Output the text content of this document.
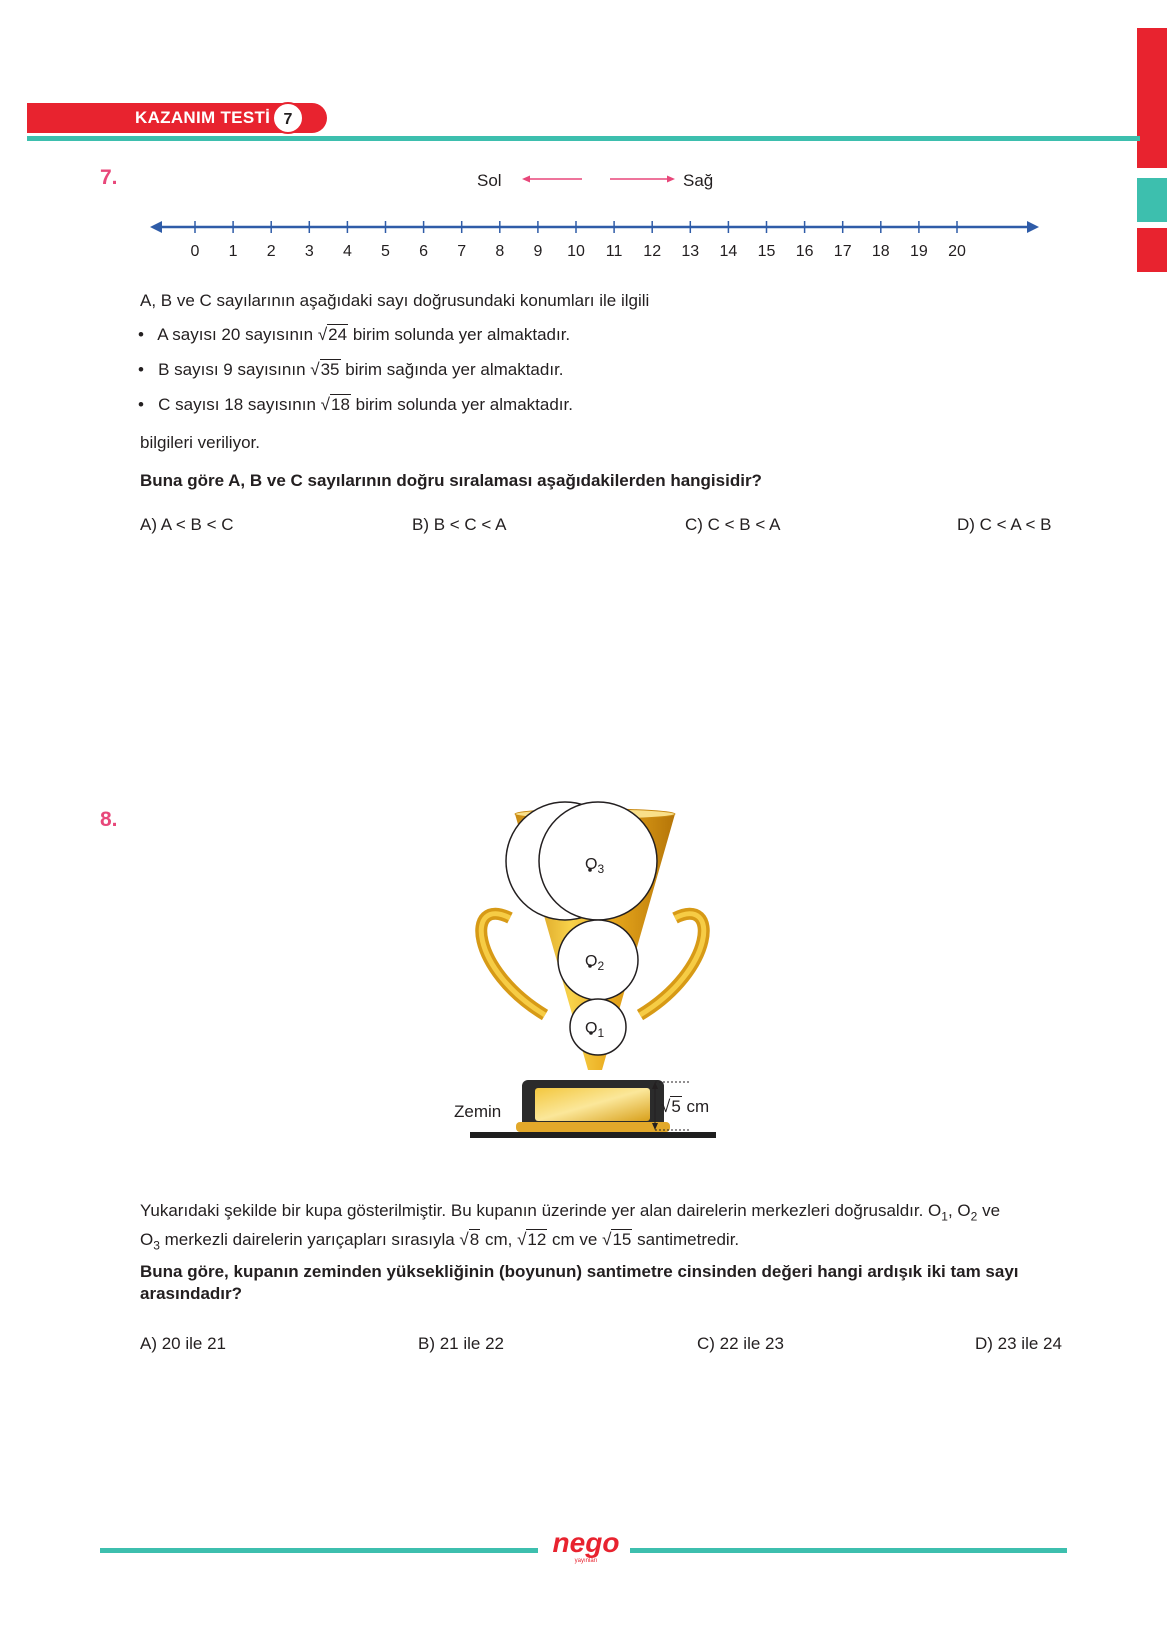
KAZANIM TESTİ 7
7.	Sol	Sağ
0 1 2 3 4 5 6 7 8 9 10 11 12 13 14 15 16 17 18 19 20
A, B ve C sayılarının aşağıdaki sayı doğrusundaki konumları ile ilgili
• A sayısı 20 sayısının √24 birim solunda yer almaktadır.
• B sayısı 9 sayısının √35 birim sağında yer almaktadır.
• C sayısı 18 sayısının √18 birim solunda yer almaktadır.
bilgileri veriliyor.
Buna göre A, B ve C sayılarının doğru sıralaması aşağıdakilerden hangisidir?
A) A < B < C	B) B < C < A	C) C < B < A	D) C < A < B
8.
$O_3$
$O_2$
$O_1$
Zemin	√5 cm
Yukarıdaki şekilde bir kupa gösterilmiştir. Bu kupanın üzerinde yer alan dairelerin merkezleri doğrusaldır. $O_1$, $O_2$ ve
$O_3$ merkezli dairelerin yarıçapları sırasıyla √8 cm, √12 cm ve √15 santimetredir.
Buna göre, kupanın zeminden yüksekliğinin (boyunun) santimetre cinsinden değeri hangi ardışık iki tam sayı arasındadır?
A) 20 ile 21	B) 21 ile 22	C) 22 ile 23	D) 23 ile 24
nego
yayınları
